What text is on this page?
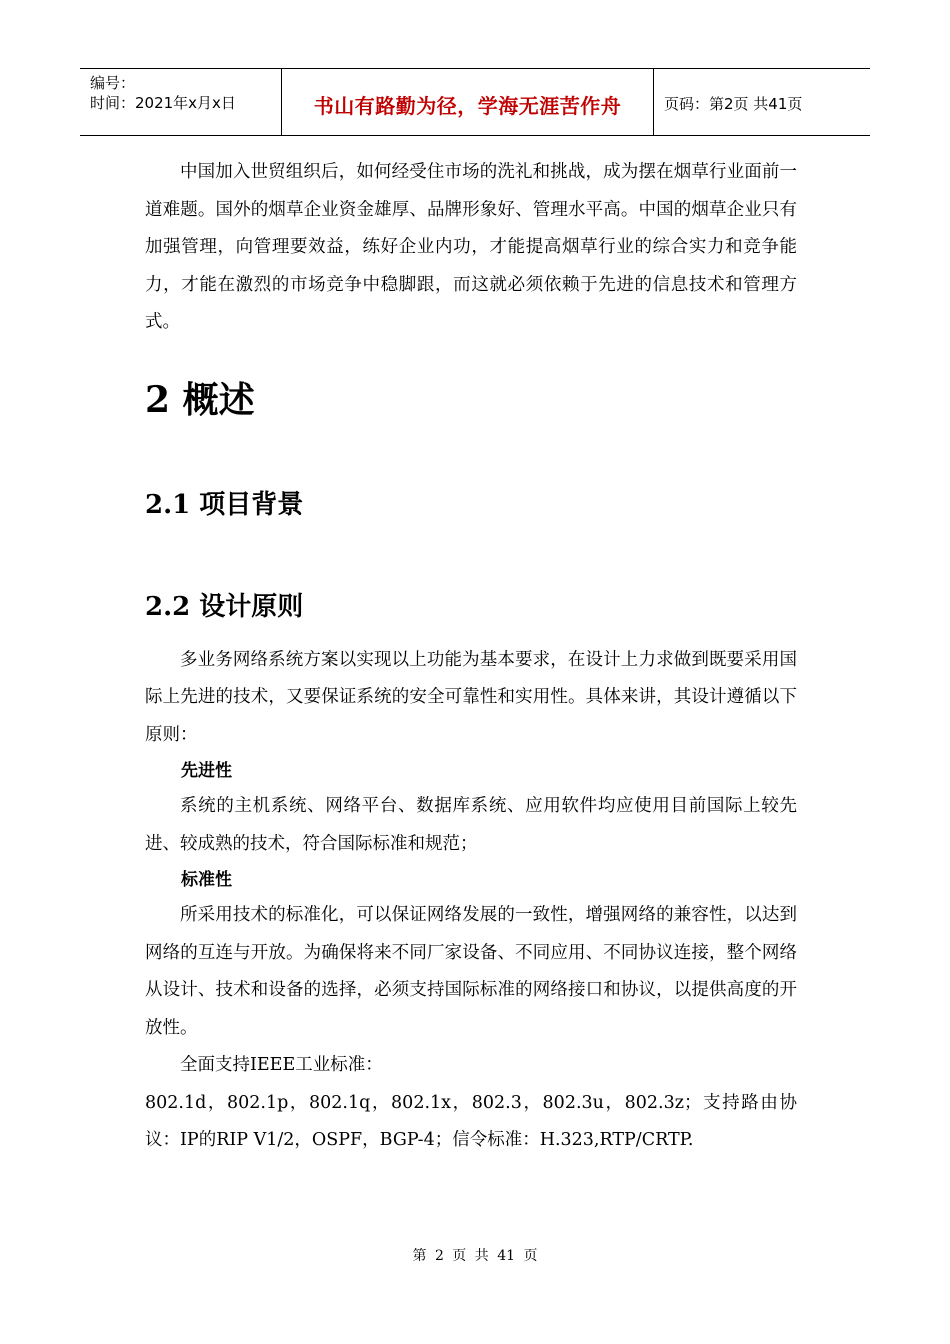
编号：
时间：2021年x月x日	书山有路勤为径，学海无涯苦作舟	页码：第2页 共41页

中国加入世贸组织后，如何经受住市场的洗礼和挑战，成为摆在烟草行业面前一道难题。国外的烟草企业资金雄厚、品牌形象好、管理水平高。中国的烟草企业只有加强管理，向管理要效益，练好企业内功，才能提高烟草行业的综合实力和竞争能力，才能在激烈的市场竞争中稳脚跟，而这就必须依赖于先进的信息技术和管理方式。

2 概述
2.1 项目背景
2.2 设计原则

多业务网络系统方案以实现以上功能为基本要求，在设计上力求做到既要采用国际上先进的技术，又要保证系统的安全可靠性和实用性。具体来讲，其设计遵循以下原则：

先进性

系统的主机系统、网络平台、数据库系统、应用软件均应使用目前国际上较先进、较成熟的技术，符合国际标准和规范；

标准性

所采用技术的标准化，可以保证网络发展的一致性，增强网络的兼容性，以达到网络的互连与开放。为确保将来不同厂家设备、不同应用、不同协议连接，整个网络从设计、技术和设备的选择，必须支持国际标准的网络接口和协议，以提供高度的开放性。

全面支持IEEE工业标准：

802.1d，802.1p，802.1q，802.1x，802.3，802.3u，802.3z；支持路由协议：IP的RIP V1/2，OSPF，BGP-4；信令标准：H.323,RTP/CRTP.

第 2 页 共 41 页
